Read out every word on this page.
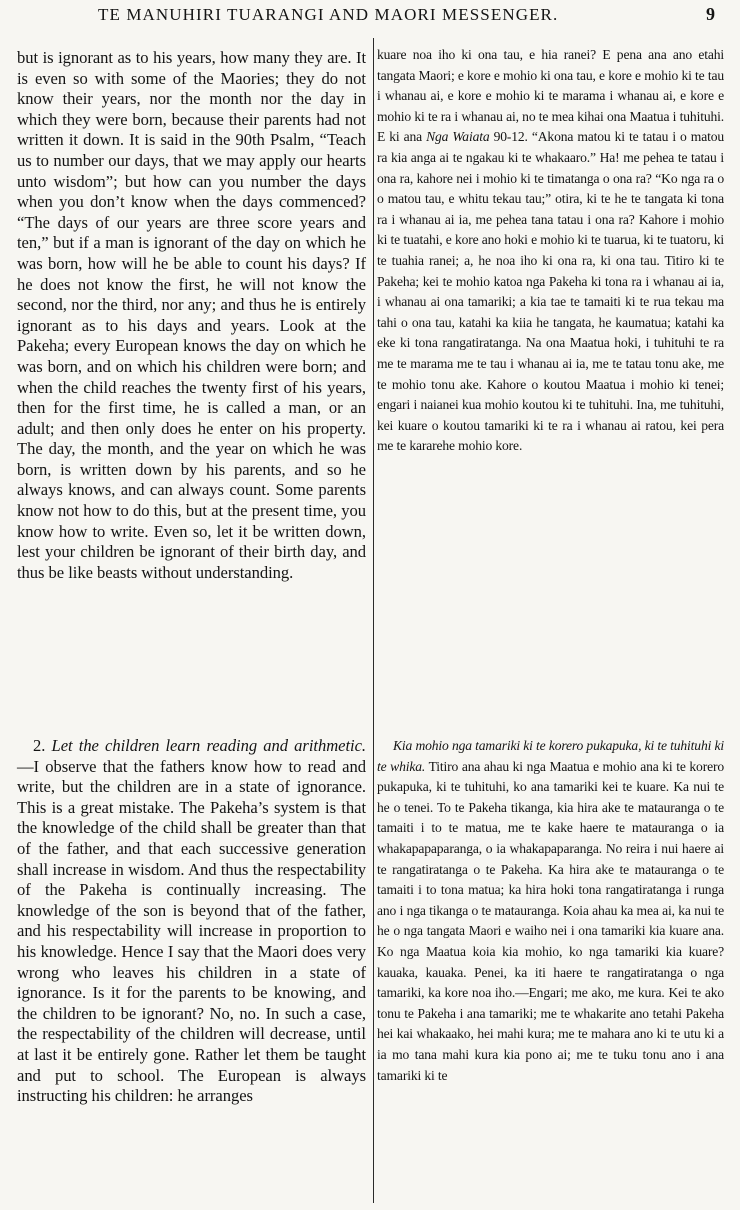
TE MANUHIRI TUARANGI AND MAORI MESSENGER.	9

but is ignorant as to his years, how many they are. It is even so with some of the Maories; they do not know their years, nor the month nor the day in which they were born, because their parents had not written it down. It is said in the 90th Psalm, “Teach us to number our days, that we may apply our hearts unto wisdom”; but how can you number the days when you don’t know when the days commenced? “The days of our years are three score years and ten,” but if a man is ignorant of the day on which he was born, how will he be able to count his days? If he does not know the first, he will not know the second, nor the third, nor any; and thus he is entirely ignorant as to his days and years. Look at the Pakeha; every European knows the day on which he was born, and on which his children were born; and when the child reaches the twenty first of his years, then for the first time, he is called a man, or an adult; and then only does he enter on his property. The day, the month, and the year on which he was born, is written down by his parents, and so he always knows, and can always count. Some parents know not how to do this, but at the present time, you know how to write. Even so, let it be written down, lest your children be ignorant of their birth day, and thus be like beasts without understanding.

kuare noa iho ki ona tau, e hia ranei? E pena ana ano etahi tangata Maori; e kore e mohio ki ona tau, e kore e mohio ki te tau i whanau ai, e kore e mohio ki te marama i whanau ai, e kore e mohio ki te ra i whanau ai, no te mea kihai ona Maatua i tuhituhi. E ki ana Nga Waiata 90-12. “Akona matou ki te tatau i o matou ra kia anga ai te ngakau ki te whakaaro.” Ha! me pehea te tatau i ona ra, kahore nei i mohio ki te timatanga o ona ra? “Ko nga ra o o matou tau, e whitu tekau tau;” otira, ki te he te tangata ki tona ra i whanau ai ia, me pehea tana tatau i ona ra? Kahore i mohio ki te tuatahi, e kore ano hoki e mohio ki te tuarua, ki te tuatoru, ki te tuahia ranei; a, he noa iho ki ona ra, ki ona tau. Titiro ki te Pakeha; kei te mohio katoa nga Pakeha ki tona ra i whanau ai ia, i whanau ai ona tamariki; a kia tae te tamaiti ki te rua tekau ma tahi o ona tau, katahi ka kiia he tangata, he kaumatua; katahi ka eke ki tona rangatiratanga. Na ona Maatua hoki, i tuhituhi te ra me te marama me te tau i whanau ai ia, me te tatau tonu ake, me te mohio tonu ake. Kahore o koutou Maatua i mohio ki tenei; engari i naianei kua mohio koutou ki te tuhituhi. Ina, me tuhituhi, kei kuare o koutou tamariki ki te ra i whanau ai ratou, kei pera me te kararehe mohio kore.

2. Let the children learn reading and arithmetic.—I observe that the fathers know how to read and write, but the children are in a state of ignorance. This is a great mistake. The Pakeha’s system is that the knowledge of the child shall be greater than that of the father, and that each successive generation shall increase in wisdom. And thus the respectability of the Pakeha is continually increasing. The knowledge of the son is beyond that of the father, and his respectability will increase in proportion to his knowledge. Hence I say that the Maori does very wrong who leaves his children in a state of ignorance. Is it for the parents to be knowing, and the children to be ignorant? No, no. In such a case, the respectability of the children will decrease, until at last it be entirely gone. Rather let them be taught and put to school. The European is always instructing his children: he arranges

Kia mohio nga tamariki ki te korero pukapuka, ki te tuhituhi ki te whika. Titiro ana ahau ki nga Maatua e mohio ana ki te korero pukapuka, ki te tuhituhi, ko ana tamariki kei te kuare. Ka nui te he o tenei. To te Pakeha tikanga, kia hira ake te matauranga o te tamaiti i to te matua, me te kake haere te matauranga o ia whakapapaparanga, o ia whakapaparanga. No reira i nui haere ai te rangatiratanga o te Pakeha. Ka hira ake te matauranga o te tamaiti i to tona matua; ka hira hoki tona rangatiratanga i runga ano i nga tikanga o te matauranga. Koia ahau ka mea ai, ka nui te he o nga tangata Maori e waiho nei i ona tamariki kia kuare ana. Ko nga Maatua koia kia mohio, ko nga tamariki kia kuare? kauaka, kauaka. Penei, ka iti haere te rangatiratanga o nga tamariki, ka kore noa iho.—Engari; me ako, me kura. Kei te ako tonu te Pakeha i ana tamariki; me te whakarite ano tetahi Pakeha hei kai whakaako, hei mahi kura; me te mahara ano ki te utu ki a ia mo tana mahi kura kia pono ai; me te tuku tonu ano i ana tamariki ki te
